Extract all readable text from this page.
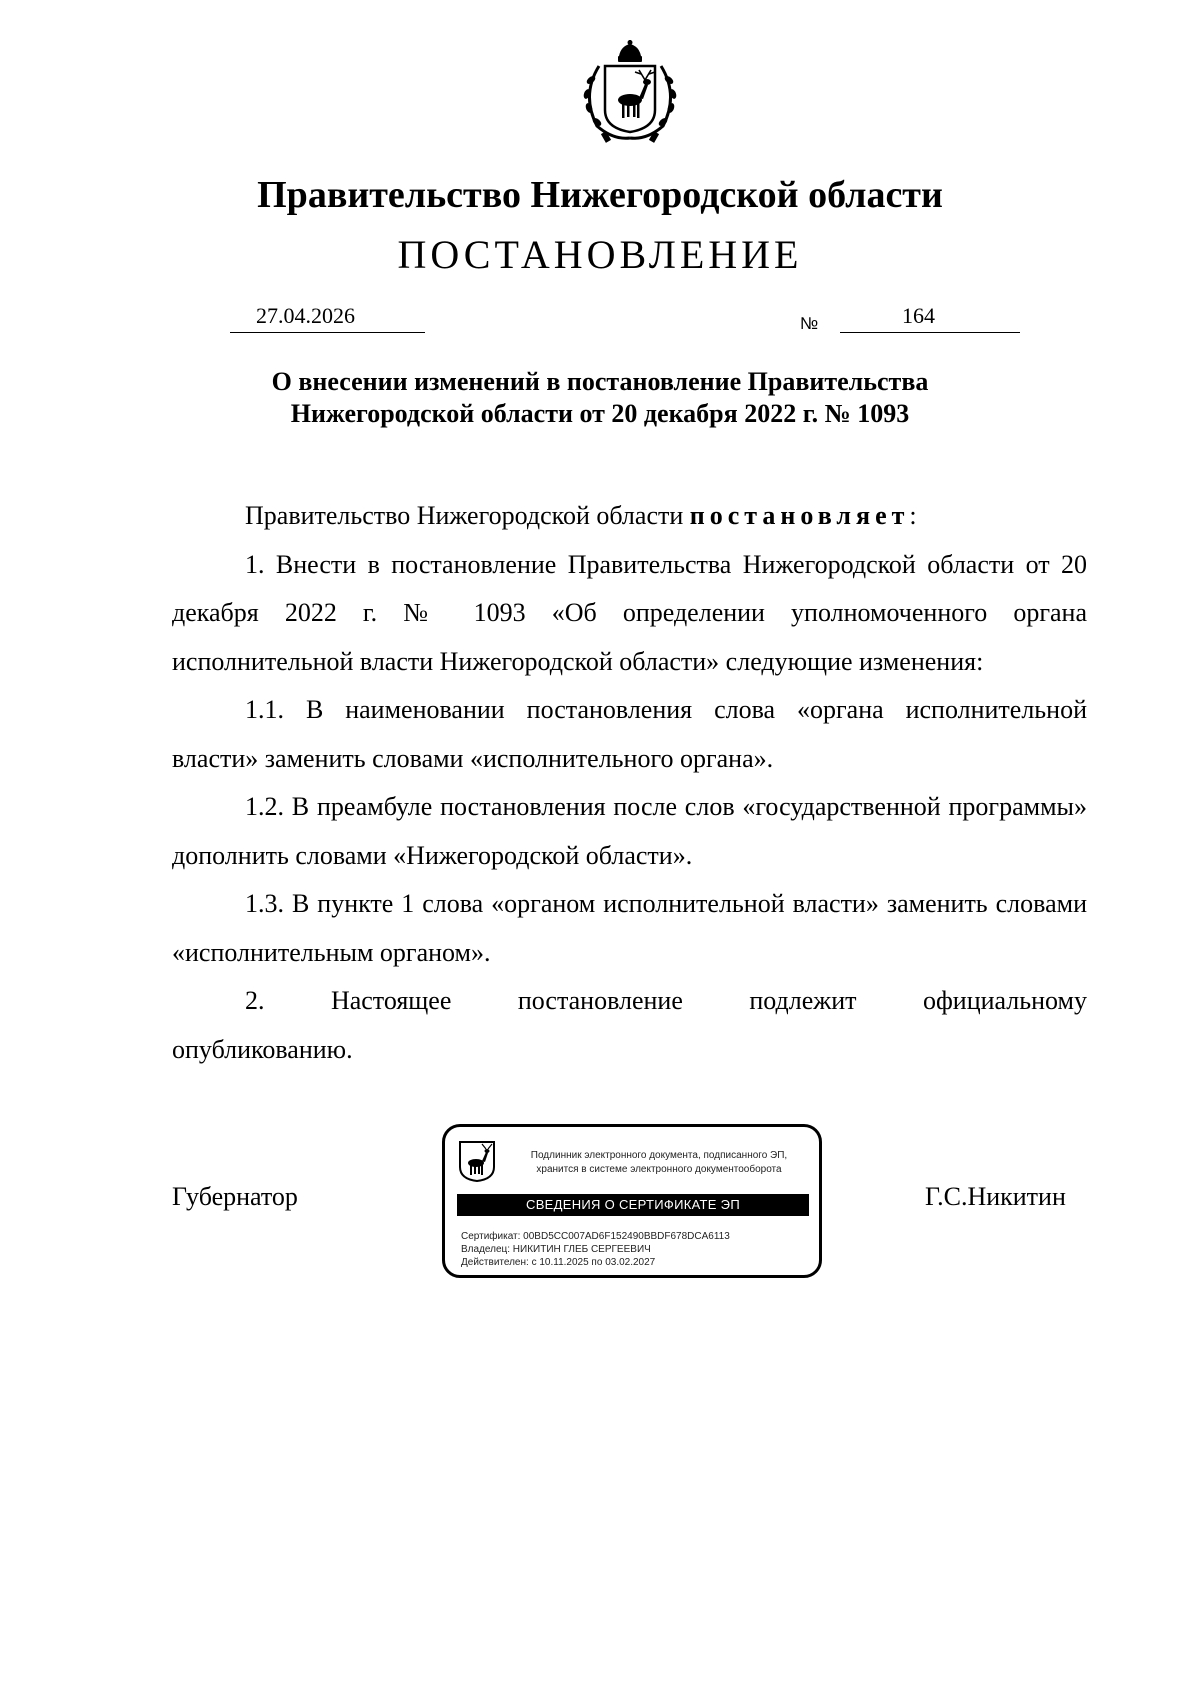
Правительство Нижегородской области
ПОСТАНОВЛЕНИЕ
27.04.2026	№	164
О внесении изменений в постановление Правительства
Нижегородской области от 20 декабря 2022 г. № 1093

Правительство Нижегородской области постановляет:

1. Внести в постановление Правительства Нижегородской области от 20 декабря 2022 г. № 1093 «Об определении уполномоченного органа исполнительной власти Нижегородской области» следующие изменения:

1.1. В наименовании постановления слова «органа исполнительной власти» заменить словами «исполнительного органа».

1.2. В преамбуле постановления после слов «государственной программы» дополнить словами «Нижегородской области».

1.3. В пункте 1 слова «органом исполнительной власти» заменить словами «исполнительным органом».

2. Настоящее постановление подлежит официальному

опубликованию.

Губернатор	Г.С.Никитин
Подлинник электронного документа, подписанного ЭП,
хранится в системе электронного документооборота
СВЕДЕНИЯ О СЕРТИФИКАТЕ ЭП
Сертификат: 00BD5CC007AD6F152490BBDF678DCA6113
Владелец: НИКИТИН ГЛЕБ СЕРГЕЕВИЧ
Действителен: с 10.11.2025 по 03.02.2027
